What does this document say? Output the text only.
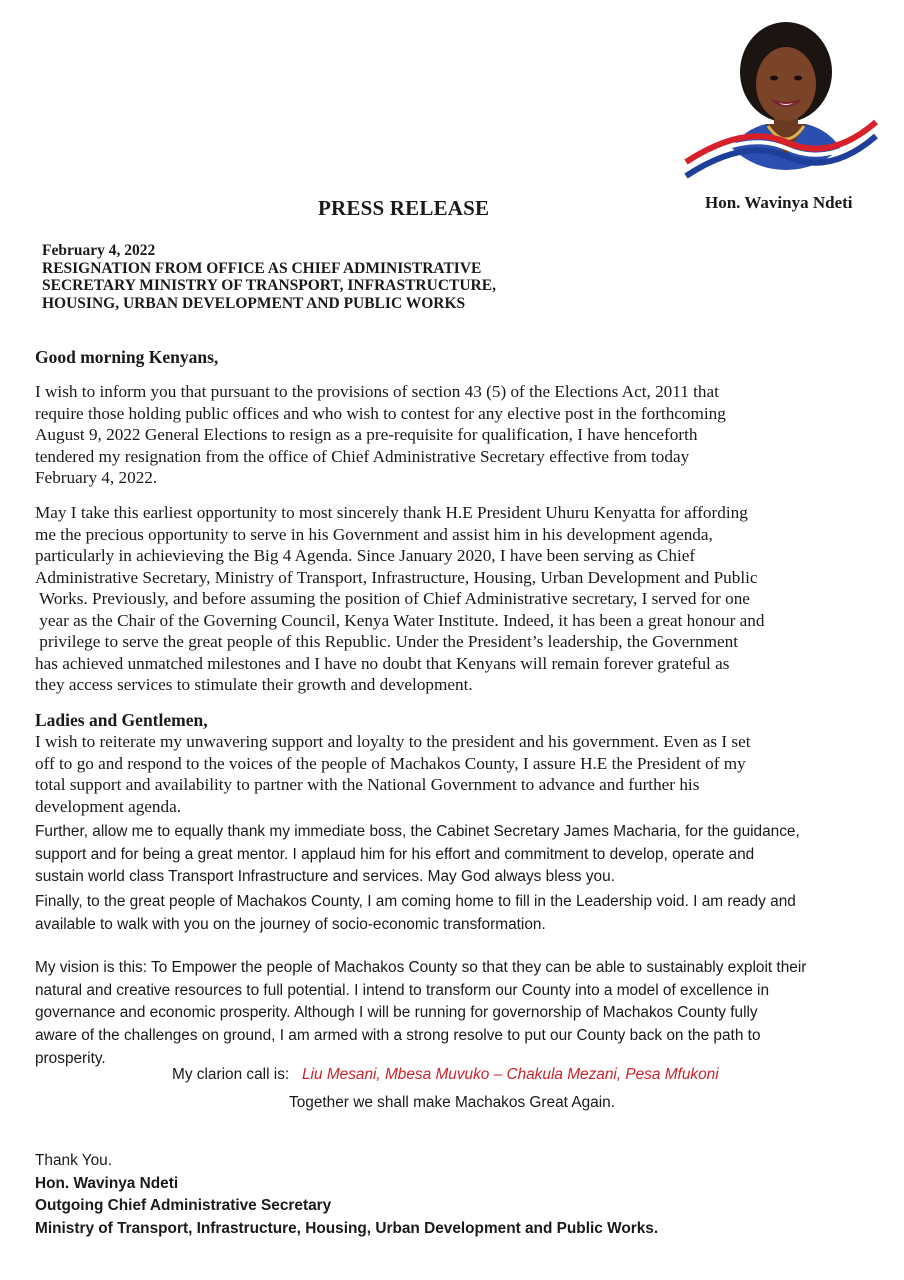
PRESS RELEASE	Hon. Wavinya Ndeti
February 4, 2022
RESIGNATION FROM OFFICE AS CHIEF ADMINISTRATIVE
SECRETARY MINISTRY OF TRANSPORT, INFRASTRUCTURE,
HOUSING, URBAN DEVELOPMENT AND PUBLIC WORKS
Good morning Kenyans,
I wish to inform you that pursuant to the provisions of section 43 (5) of the Elections Act, 2011 that
require those holding public offices and who wish to contest for any elective post in the forthcoming
August 9, 2022 General Elections to resign as a pre-requisite for qualification, I have henceforth
tendered my resignation from the office of Chief Administrative Secretary effective from today
February 4, 2022.
May I take this earliest opportunity to most sincerely thank H.E President Uhuru Kenyatta for affording
me the precious opportunity to serve in his Government and assist him in his development agenda,
particularly in achievieving the Big 4 Agenda. Since January 2020, I have been serving as Chief
Administrative Secretary, Ministry of Transport, Infrastructure, Housing, Urban Development and Public
Works. Previously, and before assuming the position of Chief Administrative secretary, I served for one
year as the Chair of the Governing Council, Kenya Water Institute. Indeed, it has been a great honour and
privilege to serve the great people of this Republic. Under the President’s leadership, the Government
has achieved unmatched milestones and I have no doubt that Kenyans will remain forever grateful as
they access services to stimulate their growth and development.
Ladies and Gentlemen,
I wish to reiterate my unwavering support and loyalty to the president and his government. Even as I set
off to go and respond to the voices of the people of Machakos County, I assure H.E the President of my
total support and availability to partner with the National Government to advance and further his
development agenda.
Further, allow me to equally thank my immediate boss, the Cabinet Secretary James Macharia, for the guidance,
support and for being a great mentor. I applaud him for his effort and commitment to develop, operate and
sustain world class Transport Infrastructure and services. May God always bless you.
Finally, to the great people of Machakos County, I am coming home to fill in the Leadership void. I am ready and
available to walk with you on the journey of socio-economic transformation.
My vision is this: To Empower the people of Machakos County so that they can be able to sustainably exploit their
natural and creative resources to full potential. I intend to transform our County into a model of excellence in
governance and economic prosperity. Although I will be running for governorship of Machakos County fully
aware of the challenges on ground, I am armed with a strong resolve to put our County back on the path to
prosperity.
My clarion call is: Liu Mesani, Mbesa Muvuko – Chakula Mezani, Pesa Mfukoni
Together we shall make Machakos Great Again.
Thank You.
Hon. Wavinya Ndeti
Outgoing Chief Administrative Secretary
Ministry of Transport, Infrastructure, Housing, Urban Development and Public Works.
